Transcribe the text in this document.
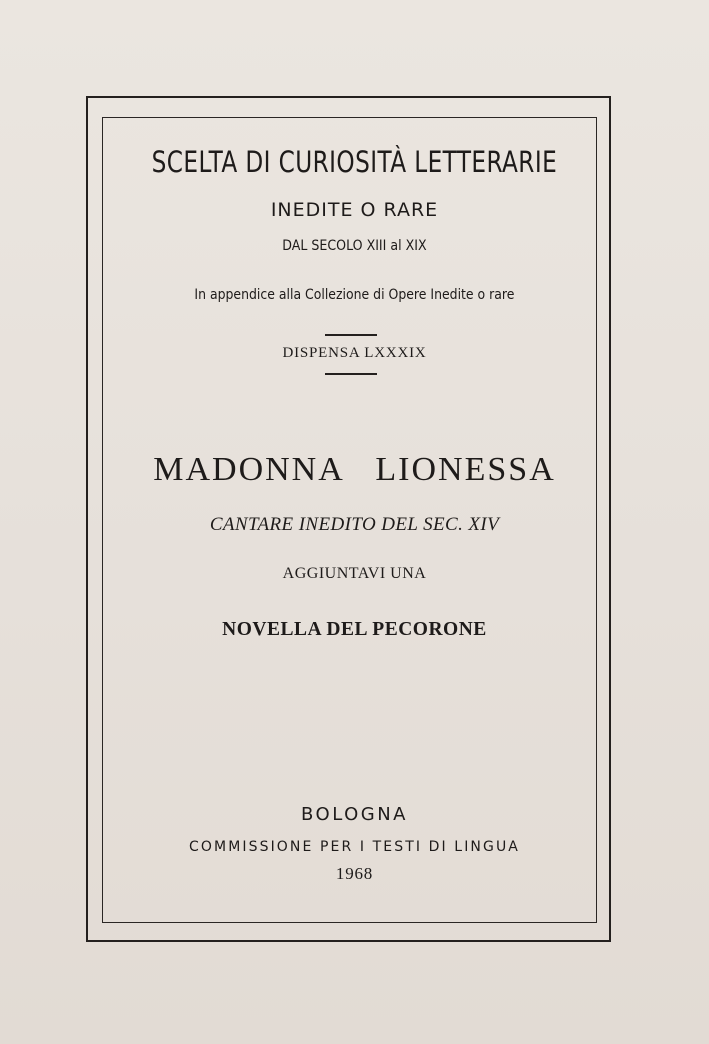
SCELTA DI CURIOSITÀ LETTERARIE
INEDITE O RARE
DAL SECOLO XIII al XIX
In appendice alla Collezione di Opere Inedite o rare
DISPENSA LXXXIX
MADONNA LIONESSA
CANTARE INEDITO DEL SEC. XIV
AGGIUNTAVI UNA
NOVELLA DEL PECORONE
BOLOGNA
COMMISSIONE PER I TESTI DI LINGUA
1968
